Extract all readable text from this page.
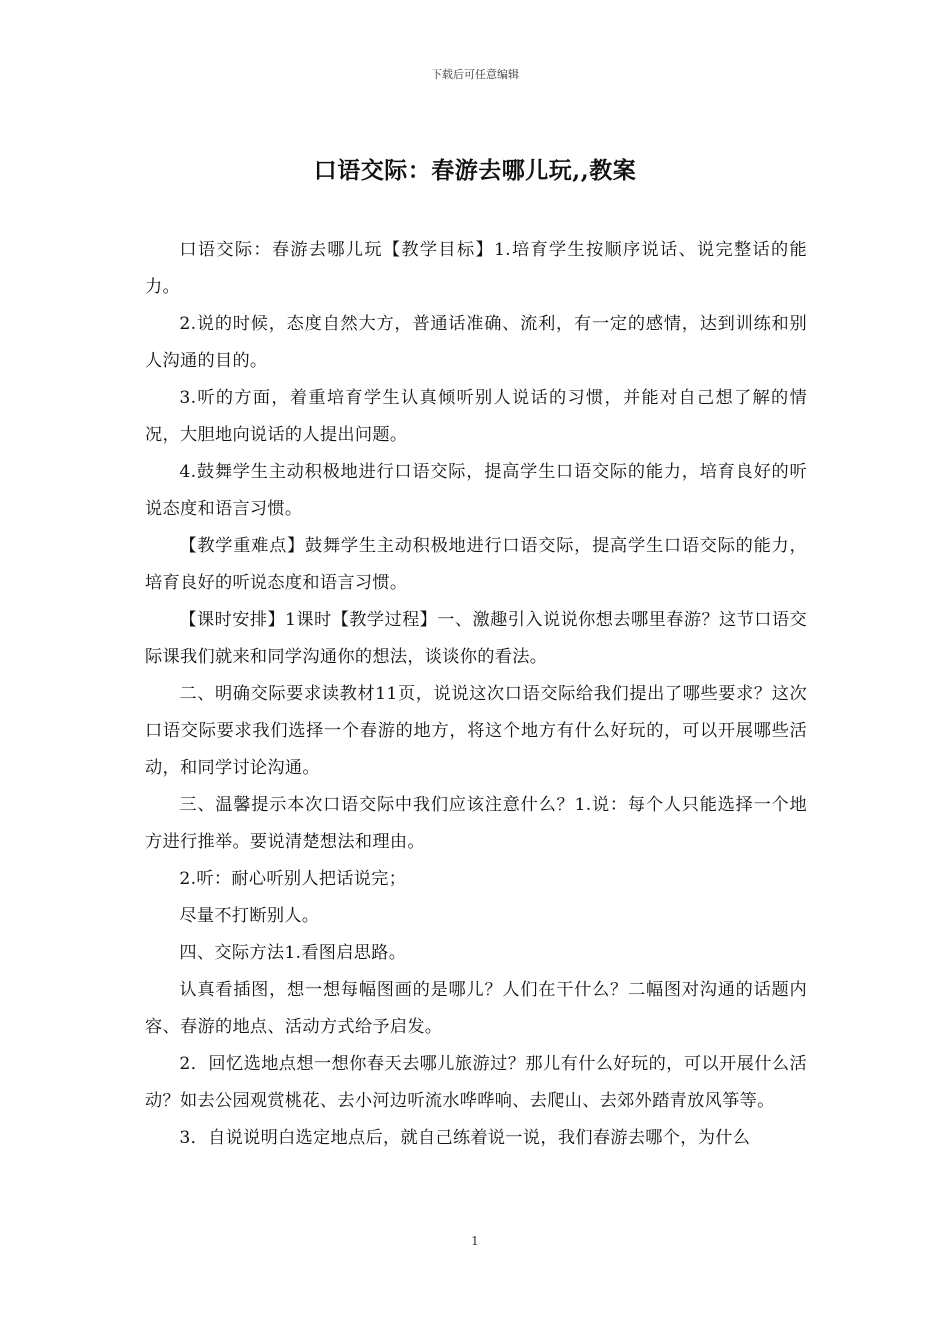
下载后可任意编辑
口语交际：春游去哪儿玩,,教案

口语交际：春游去哪儿玩【教学目标】1.培育学生按顺序说话、说完整话的能力。

2.说的时候，态度自然大方，普通话准确、流利，有一定的感情，达到训练和别人沟通的目的。

3.听的方面，着重培育学生认真倾听别人说话的习惯，并能对自己想了解的情况，大胆地向说话的人提出问题。

4.鼓舞学生主动积极地进行口语交际，提高学生口语交际的能力，培育良好的听说态度和语言习惯。

【教学重难点】鼓舞学生主动积极地进行口语交际，提高学生口语交际的能力，培育良好的听说态度和语言习惯。

【课时安排】1课时【教学过程】一、激趣引入说说你想去哪里春游？这节口语交际课我们就来和同学沟通你的想法，谈谈你的看法。

二、明确交际要求读教材11页，说说这次口语交际给我们提出了哪些要求？这次口语交际要求我们选择一个春游的地方，将这个地方有什么好玩的，可以开展哪些活动，和同学讨论沟通。

三、温馨提示本次口语交际中我们应该注意什么？1.说：每个人只能选择一个地方进行推举。要说清楚想法和理由。

2.听：耐心听别人把话说完；

尽量不打断别人。

四、交际方法1.看图启思路。

认真看插图，想一想每幅图画的是哪儿？人们在干什么？二幅图对沟通的话题内容、春游的地点、活动方式给予启发。

2．回忆选地点想一想你春天去哪儿旅游过？那儿有什么好玩的，可以开展什么活动？如去公园观赏桃花、去小河边听流水哗哗响、去爬山、去郊外踏青放风筝等。

3．自说说明白选定地点后，就自己练着说一说，我们春游去哪个，为什么

1
